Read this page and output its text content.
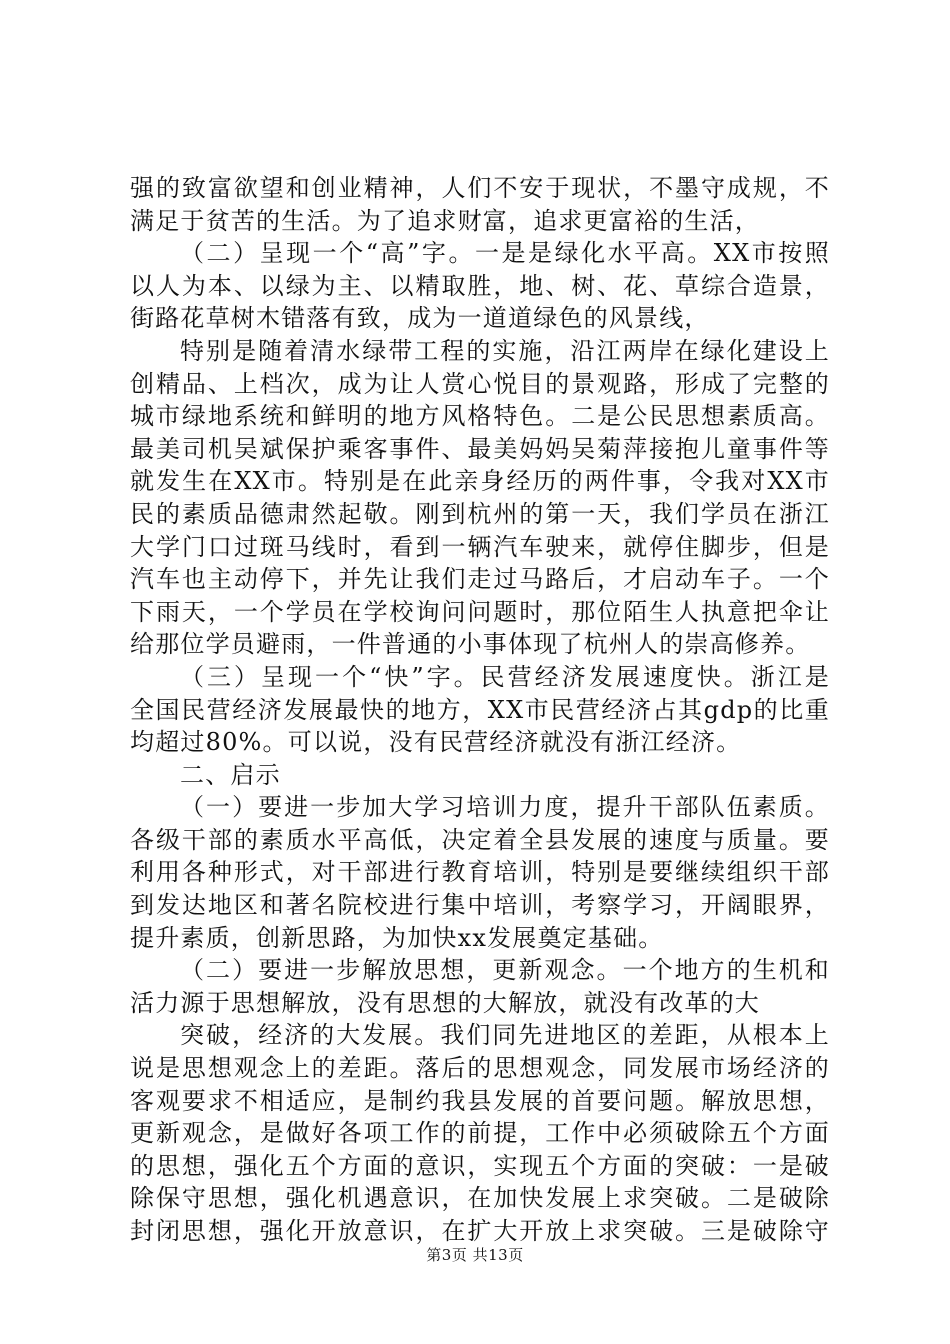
强的致富欲望和创业精神，人们不安于现状，不墨守成规，不
满足于贫苦的生活。为了追求财富，追求更富裕的生活，
（二）呈现一个“高”字。一是是绿化水平高。XX市按照
以人为本、以绿为主、以精取胜，地、树、花、草综合造景，
街路花草树木错落有致，成为一道道绿色的风景线，
特别是随着清水绿带工程的实施，沿江两岸在绿化建设上
创精品、上档次，成为让人赏心悦目的景观路，形成了完整的
城市绿地系统和鲜明的地方风格特色。二是公民思想素质高。
最美司机吴斌保护乘客事件、最美妈妈吴菊萍接抱儿童事件等
就发生在XX市。特别是在此亲身经历的两件事，令我对XX市
民的素质品德肃然起敬。刚到杭州的第一天，我们学员在浙江
大学门口过斑马线时，看到一辆汽车驶来，就停住脚步，但是
汽车也主动停下，并先让我们走过马路后，才启动车子。一个
下雨天，一个学员在学校询问问题时，那位陌生人执意把伞让
给那位学员避雨，一件普通的小事体现了杭州人的崇高修养。
（三）呈现一个“快”字。民营经济发展速度快。浙江是
全国民营经济发展最快的地方，XX市民营经济占其gdp的比重
均超过80%。可以说，没有民营经济就没有浙江经济。
二、启示
（一）要进一步加大学习培训力度，提升干部队伍素质。
各级干部的素质水平高低，决定着全县发展的速度与质量。要
利用各种形式，对干部进行教育培训，特别是要继续组织干部
到发达地区和著名院校进行集中培训，考察学习，开阔眼界，
提升素质，创新思路，为加快xx发展奠定基础。
（二）要进一步解放思想，更新观念。一个地方的生机和
活力源于思想解放，没有思想的大解放，就没有改革的大
突破，经济的大发展。我们同先进地区的差距，从根本上
说是思想观念上的差距。落后的思想观念，同发展市场经济的
客观要求不相适应，是制约我县发展的首要问题。解放思想，
更新观念，是做好各项工作的前提，工作中必须破除五个方面
的思想，强化五个方面的意识，实现五个方面的突破：一是破
除保守思想，强化机遇意识，在加快发展上求突破。二是破除
封闭思想，强化开放意识，在扩大开放上求突破。三是破除守
第3页 共13页
